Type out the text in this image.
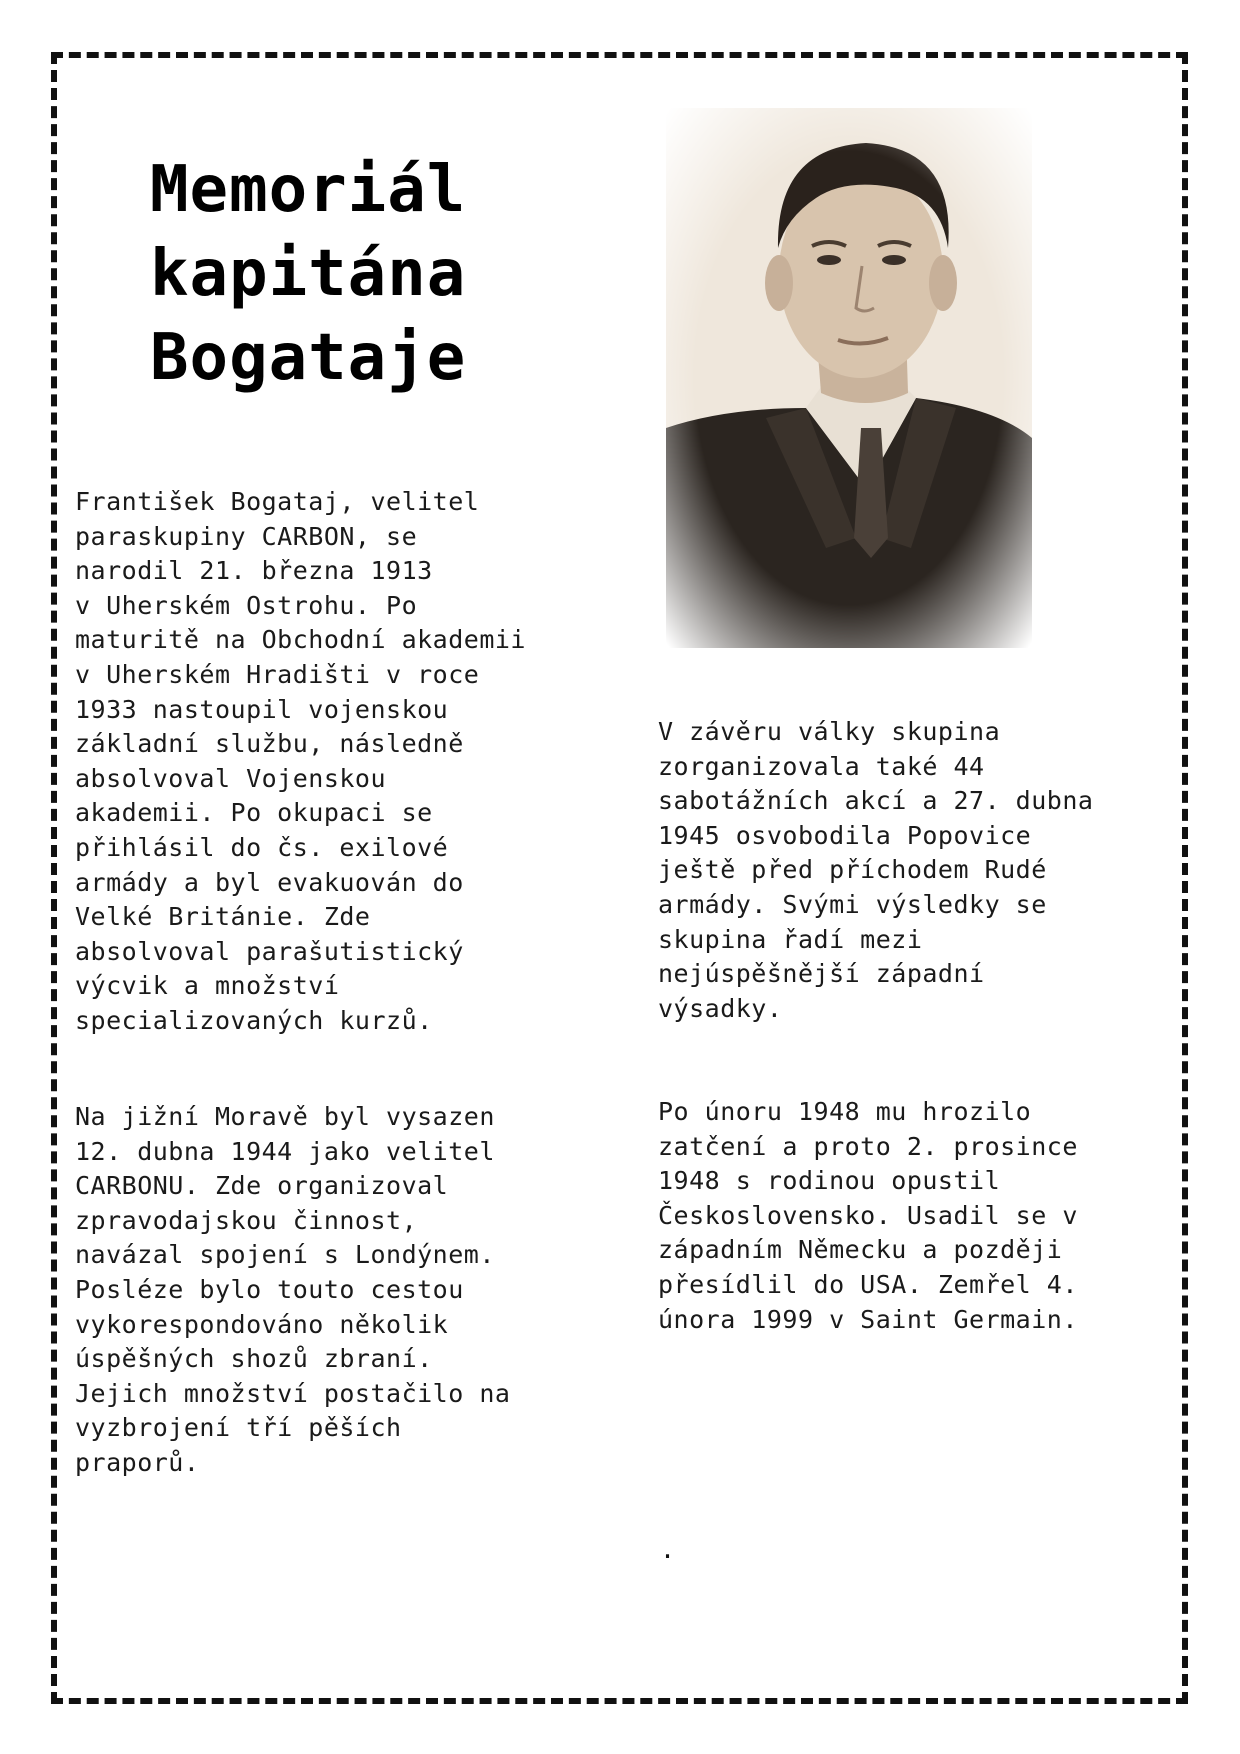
Memoriál
kapitána
Bogataje

František Bogataj, velitel
paraskupiny CARBON, se
narodil 21. března 1913
v Uherském Ostrohu. Po
maturitě na Obchodní akademii
v Uherském Hradišti v roce
1933 nastoupil vojenskou
základní službu, následně
absolvoval Vojenskou
akademii. Po okupaci se
přihlásil do čs. exilové
armády a byl evakuován do
Velké Británie. Zde
absolvoval parašutistický
výcvik a množství
specializovaných kurzů.

Na jižní Moravě byl vysazen
12. dubna 1944 jako velitel
CARBONU. Zde organizoval
zpravodajskou činnost,
navázal spojení s Londýnem.
Posléze bylo touto cestou
vykorespondováno několik
úspěšných shozů zbraní.
Jejich množství postačilo na
vyzbrojení tří pěších
praporů.

V závěru války skupina
zorganizovala také 44
sabotážních akcí a 27. dubna
1945 osvobodila Popovice
ještě před příchodem Rudé
armády. Svými výsledky se
skupina řadí mezi
nejúspěšnější západní
výsadky.

Po únoru 1948 mu hrozilo
zatčení a proto 2. prosince
1948 s rodinou opustil
Československo. Usadil se v
západním Německu a později
přesídlil do USA. Zemřel 4.
února 1999 v Saint Germain.

.
